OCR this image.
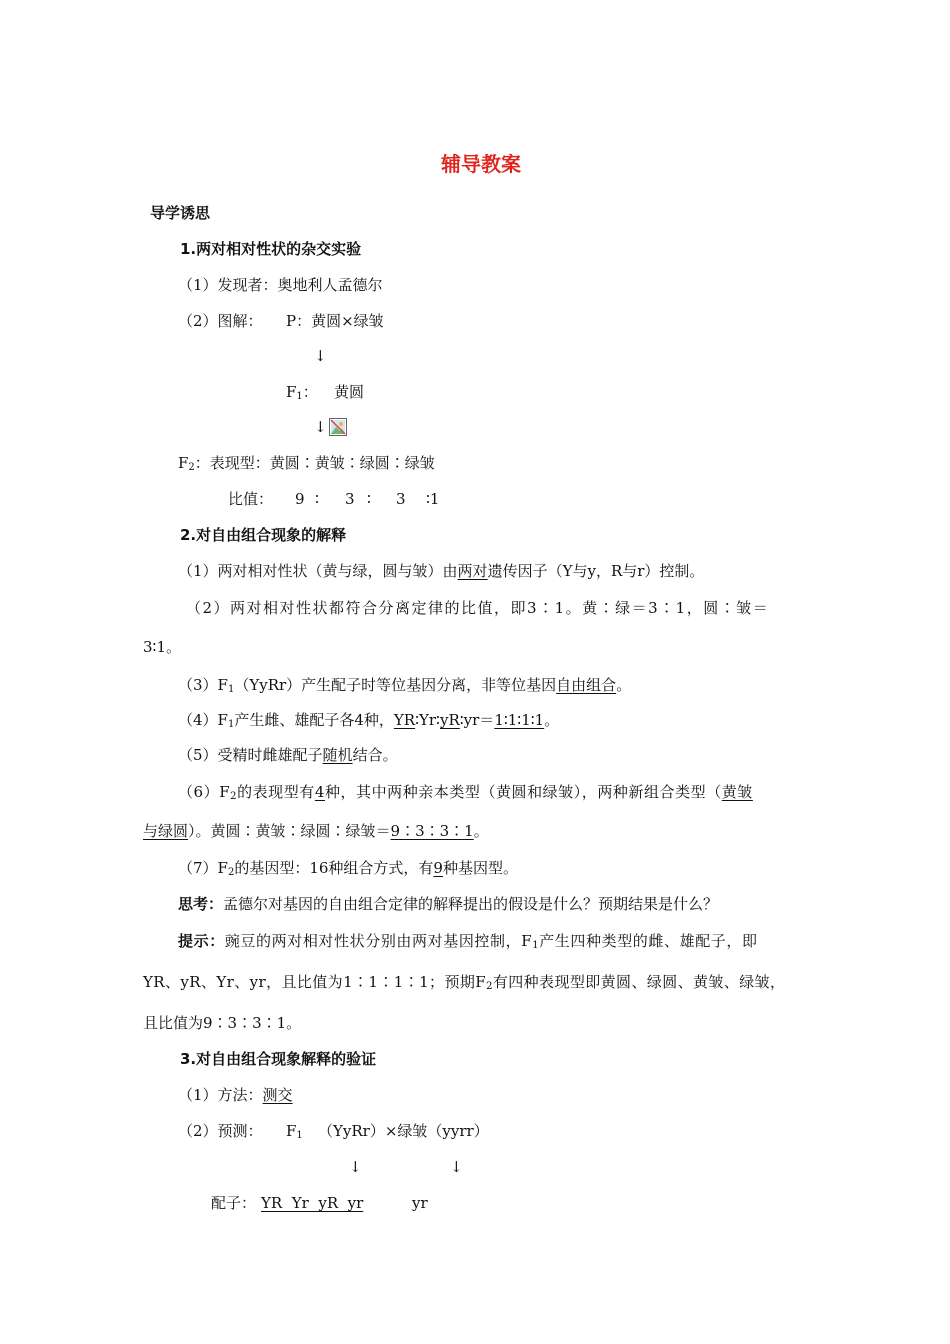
辅导教案
导学诱思
1.两对相对性状的杂交实验
（1）发现者：奥地利人孟德尔
（2）图解： P：黄圆×绿皱
↓
$F_1$： 黄圆
↓
$F_2$：表现型：黄圆∶黄皱∶绿圆∶绿皱
比值： 9 ∶ 3 ∶ 3 ∶1
2.对自由组合现象的解释
（1）两对相对性状（黄与绿，圆与皱）由两对遗传因子（Y与y，R与r）控制。
（2）两对相对性状都符合分离定律的比值，即3∶1。黄∶绿＝3∶1，圆∶皱＝
3∶1。
$(3)F_1(YyRr)$产生配子时等位基因分离，非等位基因自由组合。
$(4)F_1$产生雌、雄配子各4种，YR∶Yr∶yR∶yr＝1∶1∶1∶1。
（5）受精时雌雄配子随机结合。
$(6)F_2$的表现型有4种，其中两种亲本类型（黄圆和绿皱），两种新组合类型（黄皱
与绿圆）。黄圆∶黄皱∶绿圆∶绿皱＝9∶3∶3∶1。
$(7)F_2$的基因型：16种组合方式，有9种基因型。
思考：孟德尔对基因的自由组合定律的解释提出的假设是什么？预期结果是什么？
提示：豌豆的两对相对性状分别由两对基因控制，$F_1$产生四种类型的雌、雄配子，即
YR、yR、Yr、yr，且比值为1∶1∶1∶1；预期$F_2$有四种表现型即黄圆、绿圆、黄皱、绿皱，
且比值为9∶3∶3∶1。
3.对自由组合现象解释的验证
（1）方法：测交
（2）预测： $F_1$ （YyRr）×绿皱（yyrr）
↓	↓
配子： YR  Yr  yR  yr	yr
